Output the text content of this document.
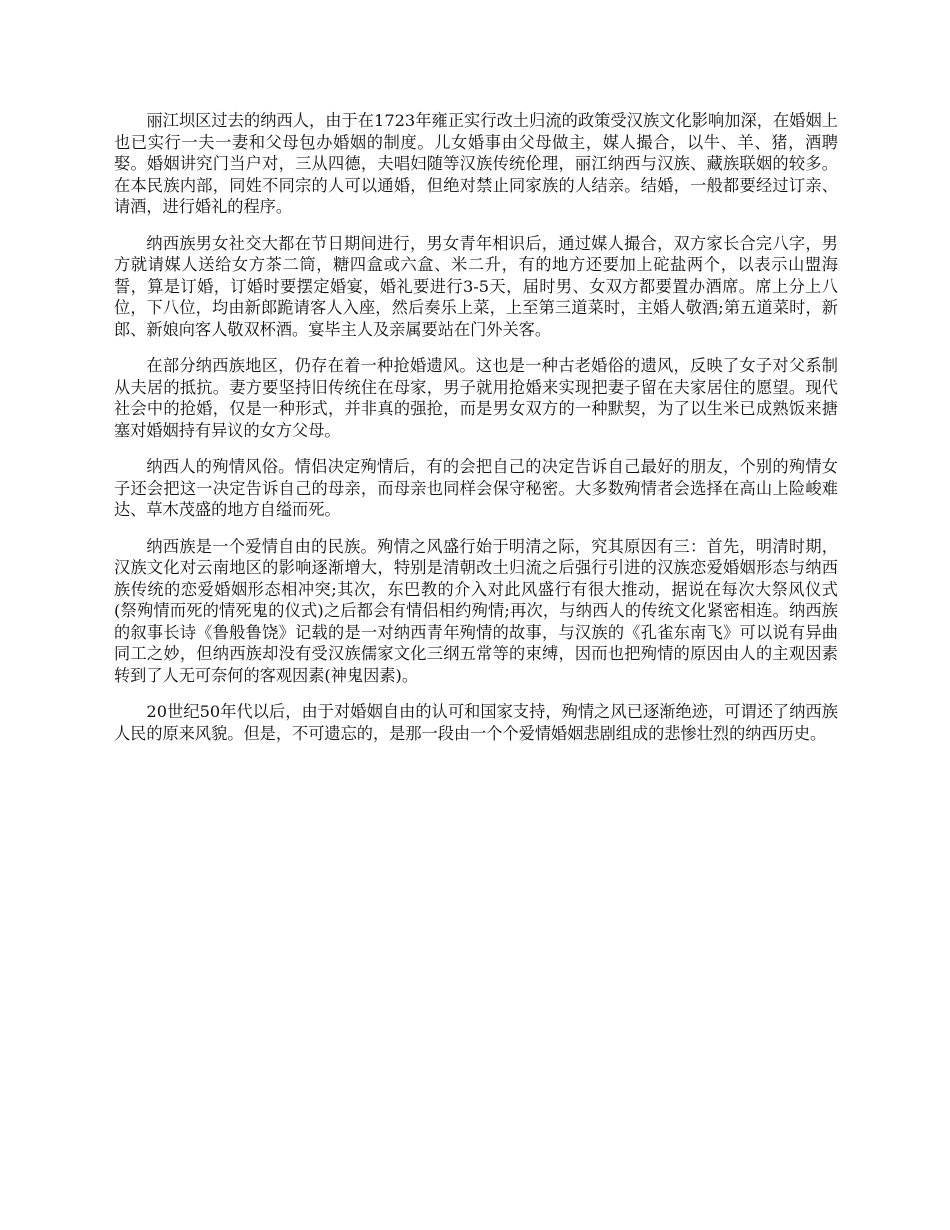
丽江坝区过去的纳西人，由于在1723年雍正实行改土归流的政策受汉族文化影响加深，在婚姻上也已实行一夫一妻和父母包办婚姻的制度。儿女婚事由父母做主，媒人撮合，以牛、羊、猪，酒聘娶。婚姻讲究门当户对，三从四德，夫唱妇随等汉族传统伦理，丽江纳西与汉族、藏族联姻的较多。在本民族内部，同姓不同宗的人可以通婚，但绝对禁止同家族的人结亲。结婚，一般都要经过订亲、请酒，进行婚礼的程序。

纳西族男女社交大都在节日期间进行，男女青年相识后，通过媒人撮合，双方家长合完八字，男方就请媒人送给女方茶二筒，糖四盒或六盒、米二升，有的地方还要加上砣盐两个，以表示山盟海誓，算是订婚，订婚时要摆定婚宴，婚礼要进行3-5天，届时男、女双方都要置办酒席。席上分上八位，下八位，均由新郎跪请客人入座，然后奏乐上菜，上至第三道菜时，主婚人敬酒;第五道菜时，新郎、新娘向客人敬双杯酒。宴毕主人及亲属要站在门外关客。

在部分纳西族地区，仍存在着一种抢婚遗风。这也是一种古老婚俗的遗风，反映了女子对父系制从夫居的抵抗。妻方要坚持旧传统住在母家，男子就用抢婚来实现把妻子留在夫家居住的愿望。现代社会中的抢婚，仅是一种形式，并非真的强抢，而是男女双方的一种默契，为了以生米已成熟饭来搪塞对婚姻持有异议的女方父母。

纳西人的殉情风俗。情侣决定殉情后，有的会把自己的决定告诉自己最好的朋友，个别的殉情女子还会把这一决定告诉自己的母亲，而母亲也同样会保守秘密。大多数殉情者会选择在高山上险峻难达、草木茂盛的地方自缢而死。

纳西族是一个爱情自由的民族。殉情之风盛行始于明清之际，究其原因有三：首先，明清时期，汉族文化对云南地区的影响逐渐增大，特别是清朝改土归流之后强行引进的汉族恋爱婚姻形态与纳西族传统的恋爱婚姻形态相冲突;其次，东巴教的介入对此风盛行有很大推动，据说在每次大祭风仪式(祭殉情而死的情死鬼的仪式)之后都会有情侣相约殉情;再次，与纳西人的传统文化紧密相连。纳西族的叙事长诗《鲁般鲁饶》记载的是一对纳西青年殉情的故事，与汉族的《孔雀东南飞》可以说有异曲同工之妙，但纳西族却没有受汉族儒家文化三纲五常等的束缚，因而也把殉情的原因由人的主观因素转到了人无可奈何的客观因素(神鬼因素)。

20世纪50年代以后，由于对婚姻自由的认可和国家支持，殉情之风已逐渐绝迹，可谓还了纳西族人民的原来风貌。但是，不可遗忘的，是那一段由一个个爱情婚姻悲剧组成的悲惨壮烈的纳西历史。
